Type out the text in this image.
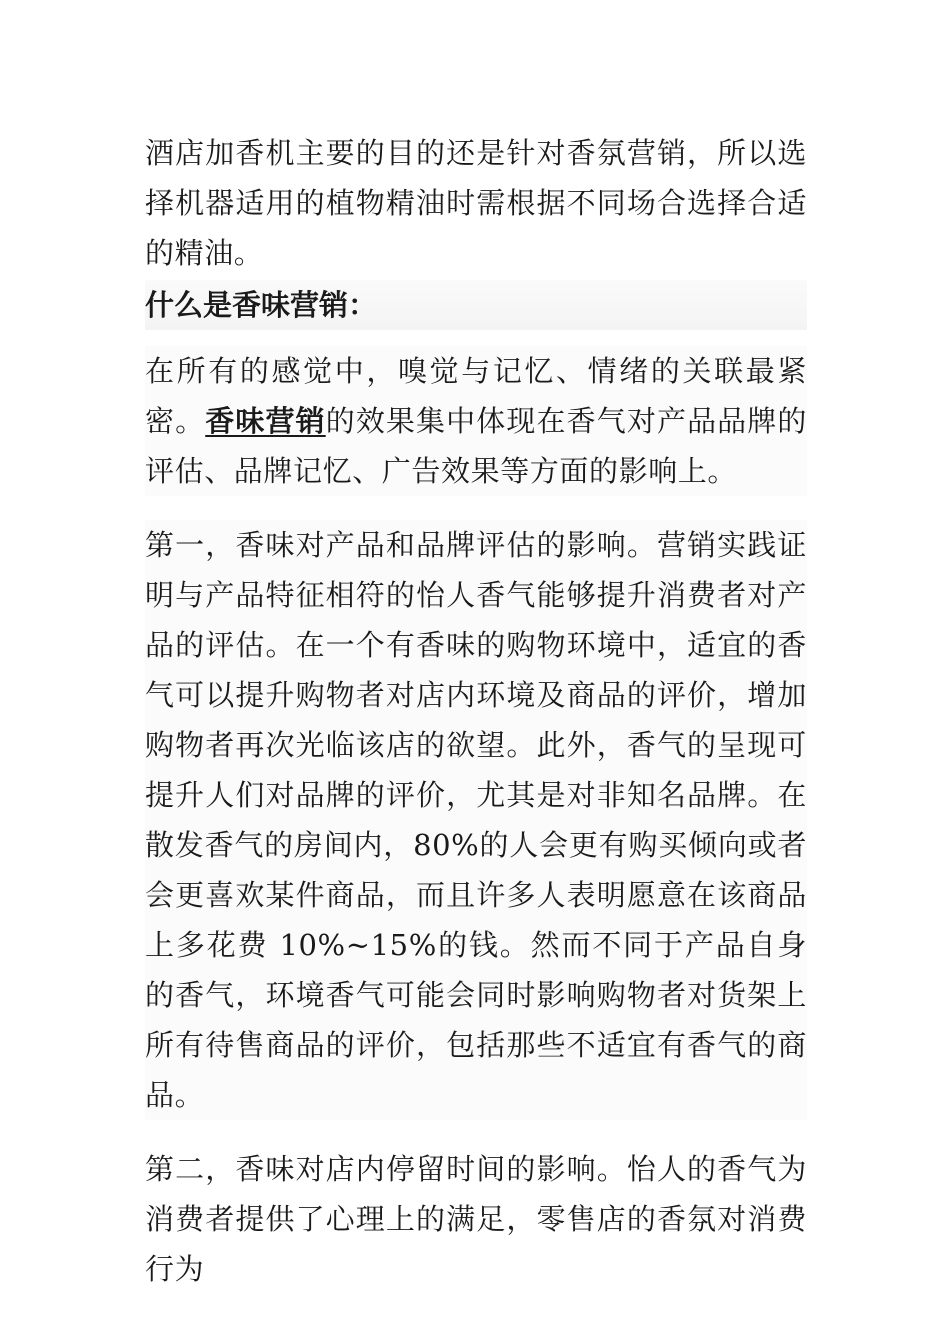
酒店加香机主要的目的还是针对香氛营销，所以选择机器适用的植物精油时需根据不同场合选择合适的精油。

什么是香味营销：

在所有的感觉中，嗅觉与记忆、情绪的关联最紧密。香味营销的效果集中体现在香气对产品品牌的评估、品牌记忆、广告效果等方面的影响上。

第一，香味对产品和品牌评估的影响。营销实践证明与产品特征相符的怡人香气能够提升消费者对产品的评估。在一个有香味的购物环境中，适宜的香气可以提升购物者对店内环境及商品的评价，增加购物者再次光临该店的欲望。此外，香气的呈现可提升人们对品牌的评价，尤其是对非知名品牌。在散发香气的房间内，80%的人会更有购买倾向或者会更喜欢某件商品，而且许多人表明愿意在该商品上多花费 10%~15%的钱。然而不同于产品自身的香气，环境香气可能会同时影响购物者对货架上所有待售商品的评价，包括那些不适宜有香气的商品。

第二，香味对店内停留时间的影响。怡人的香气为消费者提供了心理上的满足，零售店的香氛对消费行为
